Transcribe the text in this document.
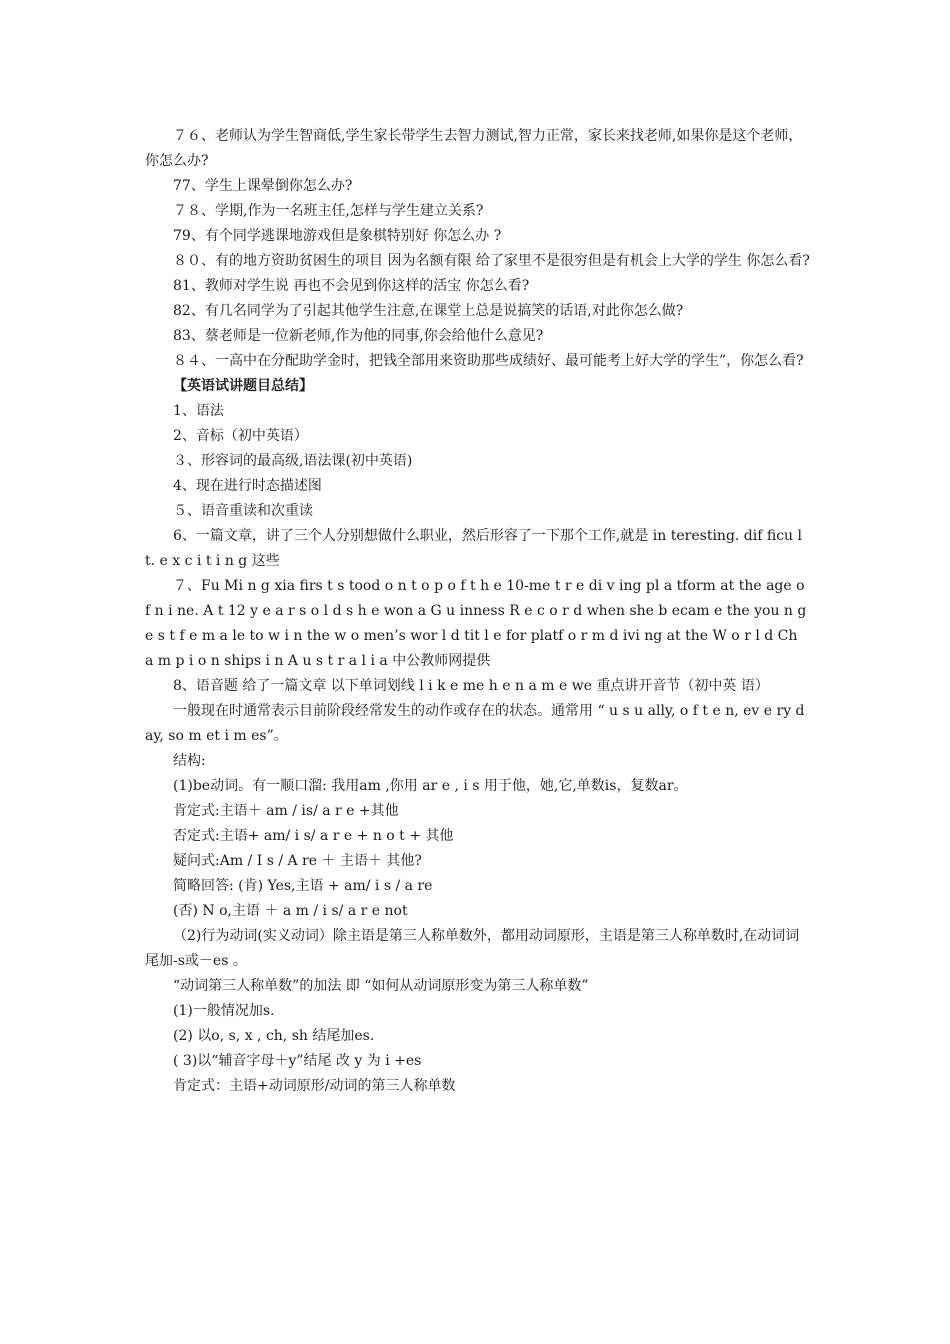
７６、老师认为学生智商低,学生家长带学生去智力测试,智力正常，家长来找老师,如果你是这个老师，你怎么办?

77、学生上课晕倒你怎么办?

７８、学期,作为一名班主任,怎样与学生建立关系?

79、有个同学逃课地游戏但是象棋特别好 你怎么办 ?

８０、有的地方资助贫困生的项目 因为名额有限 给了家里不是很穷但是有机会上大学的学生 你怎么看?

81、教师对学生说 再也不会见到你这样的活宝 你怎么看?

82、有几名同学为了引起其他学生注意,在课堂上总是说搞笑的话语,对此你怎么做?

83、蔡老师是一位新老师,作为他的同事,你会给他什么意见?

８４、一高中在分配助学金时，把钱全部用来资助那些成绩好、最可能考上好大学的学生”，你怎么看?

【英语试讲题目总结】

1、语法

2、音标（初中英语）

３、形容词的最高级,语法课(初中英语)

4、现在进行时态描述图

５、语音重读和次重读

6、一篇文章，讲了三个人分别想做什么职业，然后形容了一下那个工作,就是 in teresting. dif ficu l t. e x c i t i n g 这些

７、Fu Mi n g xia firs t s tood o n t o p o f t h e 10-me t r e di v ing pl a tform at the age o f n i ne. A t 12 y e a r s o l d s h e won a G u inness R e c o r d when she b ecam e the you n g e s t f e m a le to w i n the w o men’s wor l d tit l e for platf o r m d ivi ng at the W o r l d Ch a m p i o n ships i n A u s t r a l i a 中公教师网提供

8、语音题 给了一篇文章 以下单词划线 l i k e me h e n a m e we 重点讲开音节（初中英 语）

一般现在时通常表示目前阶段经常发生的动作或存在的状态。通常用 “ u s u ally, o f t e n, ev e ry day, so m et i m es”。

结构:

(1)be动词。有一顺口溜: 我用am ,你用 ar e , i s 用于他，她,它,单数is，复数ar。

肯定式:主语＋ am / is/ a r e +其他

否定式:主语+ am/ i s/ a r e + n o t + 其他

疑问式:Am / I s / A re ＋ 主语＋ 其他?

简略回答: (肯) Yes,主语 + am/ i s / a re

(否) N o,主语 ＋ a m / i s/ a r e not

（2)行为动词(实义动词）除主语是第三人称单数外，都用动词原形，主语是第三人称单数时,在动词词尾加-s或－es 。

“动词第三人称单数”的加法 即 “如何从动词原形变为第三人称单数”

(1)一般情况加s.

(2) 以o, s, x , ch, sh 结尾加es.

( 3)以“辅音字母＋y”结尾 改 y 为 i +es

肯定式：主语+动词原形/动词的第三人称单数
